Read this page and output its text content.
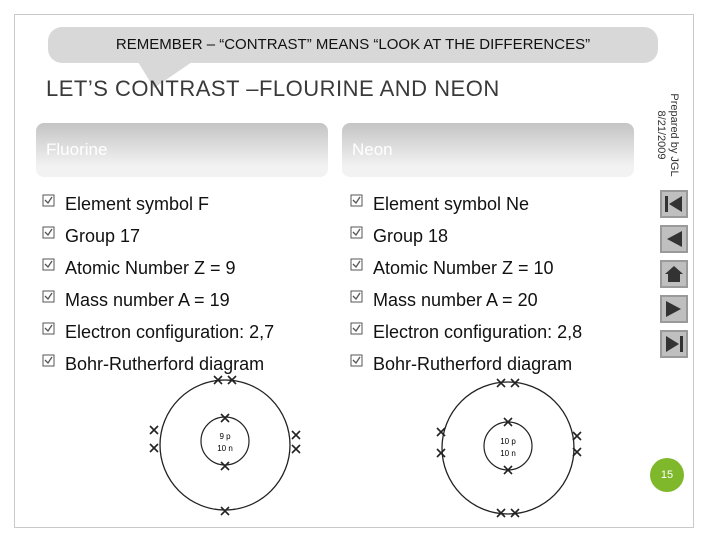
REMEMBER – “CONTRAST” MEANS “LOOK AT THE DIFFERENCES”
LET’S CONTRAST –FLOURINE AND NEON
Prepared by JGL
8/21/2009
Fluorine	Neon
Element symbol F
Group 17
Atomic Number Z = 9
Mass number A = 19
Electron configuration: 2,7
Bohr-Rutherford diagram
Element symbol Ne
Group 18
Atomic Number Z = 10
Mass number A = 20
Electron configuration: 2,8
Bohr-Rutherford diagram
9 p
10 n
10 p
10 n
15
